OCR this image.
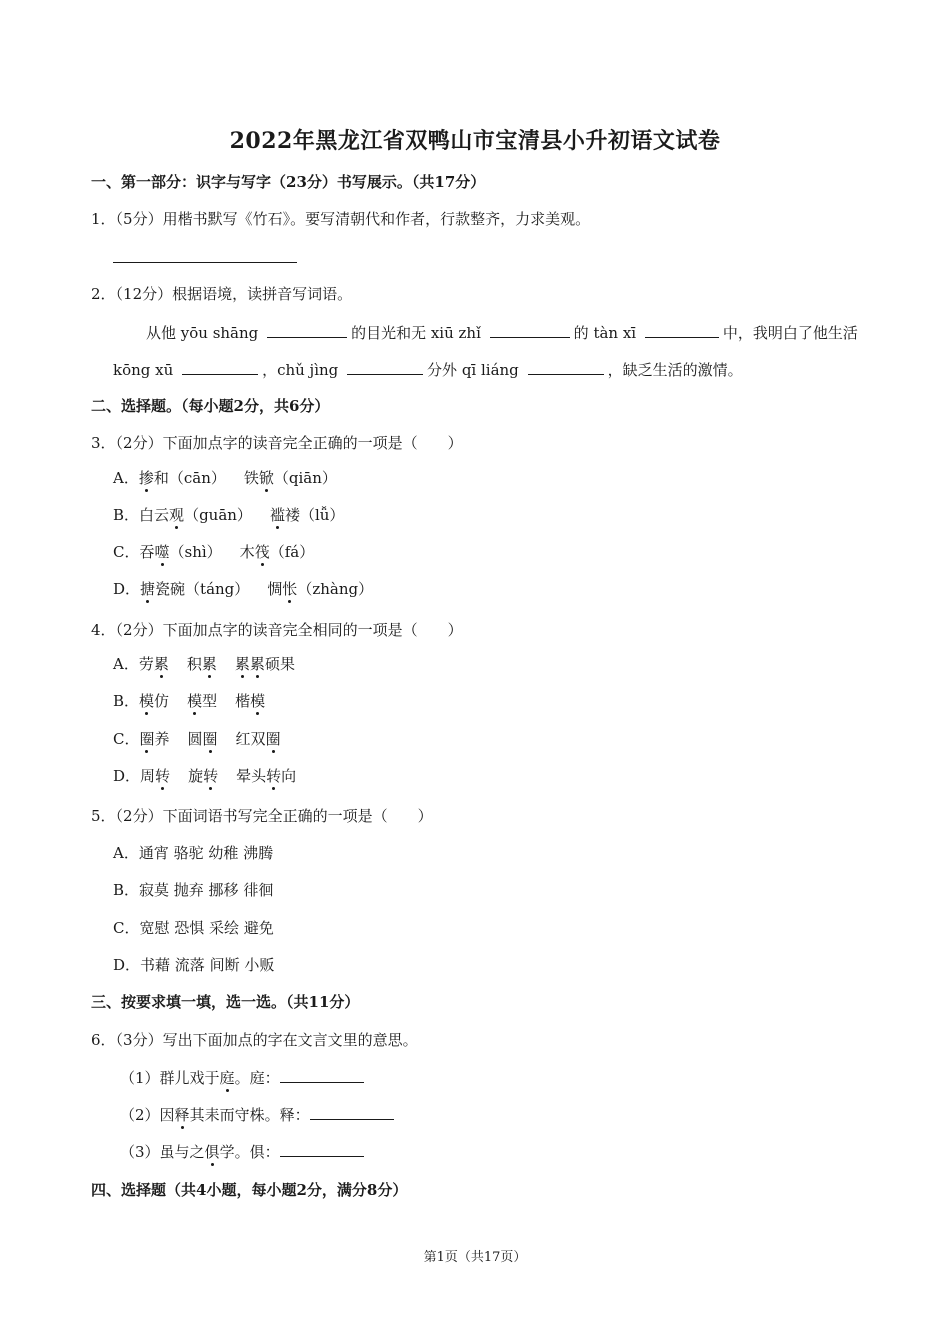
2022年黑龙江省双鸭山市宝清县小升初语文试卷
一、第一部分：识字与写字（23分）书写展示。（共17分）
1．（5分）用楷书默写《竹石》。要写清朝代和作者，行款整齐，力求美观。
2．（12分）根据语境，读拼音写词语。
从他 yōu shāng	的目光和无 xiū zhǐ	的 tàn xī	中，我明白了他生活
kōng xū	，chǔ jìng	分外 qī liáng	，缺乏生活的激情。
二、选择题。（每小题2分，共6分）
3．（2分）下面加点字的读音完全正确的一项是（　　）
A．掺和（cān） 铁锨（qiān）
B．白云观（guān） 褴褛（lǚ）
C．吞噬（shì） 木筏（fá）
D．搪瓷碗（táng） 惆怅（zhàng）
4．（2分）下面加点字的读音完全相同的一项是（　　）
A．劳累 积累 累累硕果
B．模仿 模型 楷模
C．圈养 圆圈 红双圈
D．周转 旋转 晕头转向
5．（2分）下面词语书写完全正确的一项是（　　）
A．通宵 骆驼 幼稚 沸腾
B．寂莫 抛弃 挪移 徘徊
C．宽慰 恐惧 采绘 避免
D．书藉 流落 间断 小贩
三、按要求填一填，选一选。（共11分）
6．（3分）写出下面加点的字在文言文里的意思。
（1）群儿戏于庭。庭：
（2）因释其耒而守株。释：
（3）虽与之俱学。俱：
四、选择题（共4小题，每小题2分，满分8分）
第1页（共17页）
